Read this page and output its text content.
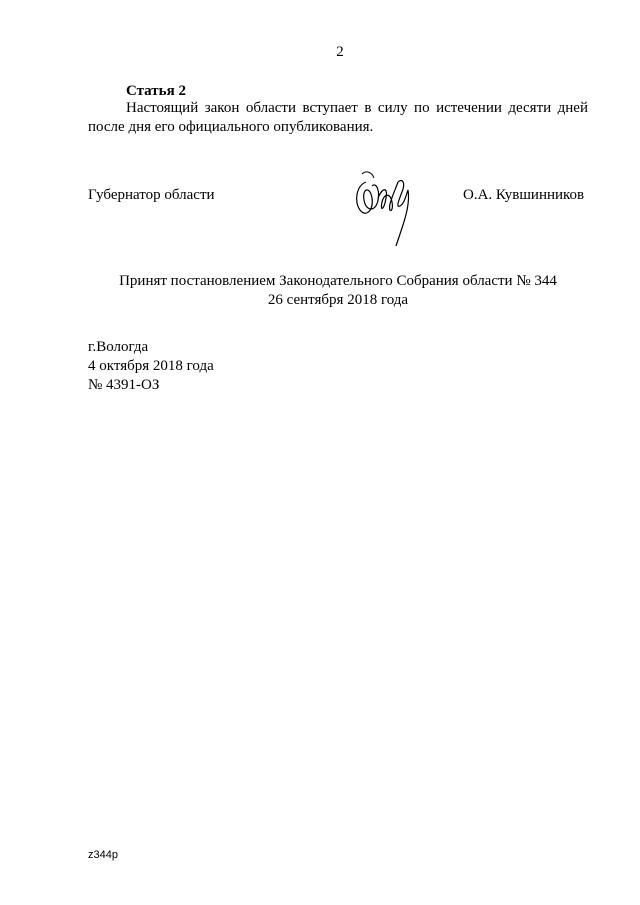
2
Статья 2
Настоящий закон области вступает в силу по истечении десяти дней после дня его официального опубликования.
Губернатор области	О.А. Кувшинников
Принят постановлением Законодательного Собрания области № 344
26 сентября 2018 года
г.Вологда
4 октября 2018 года
№ 4391-ОЗ
z344p
